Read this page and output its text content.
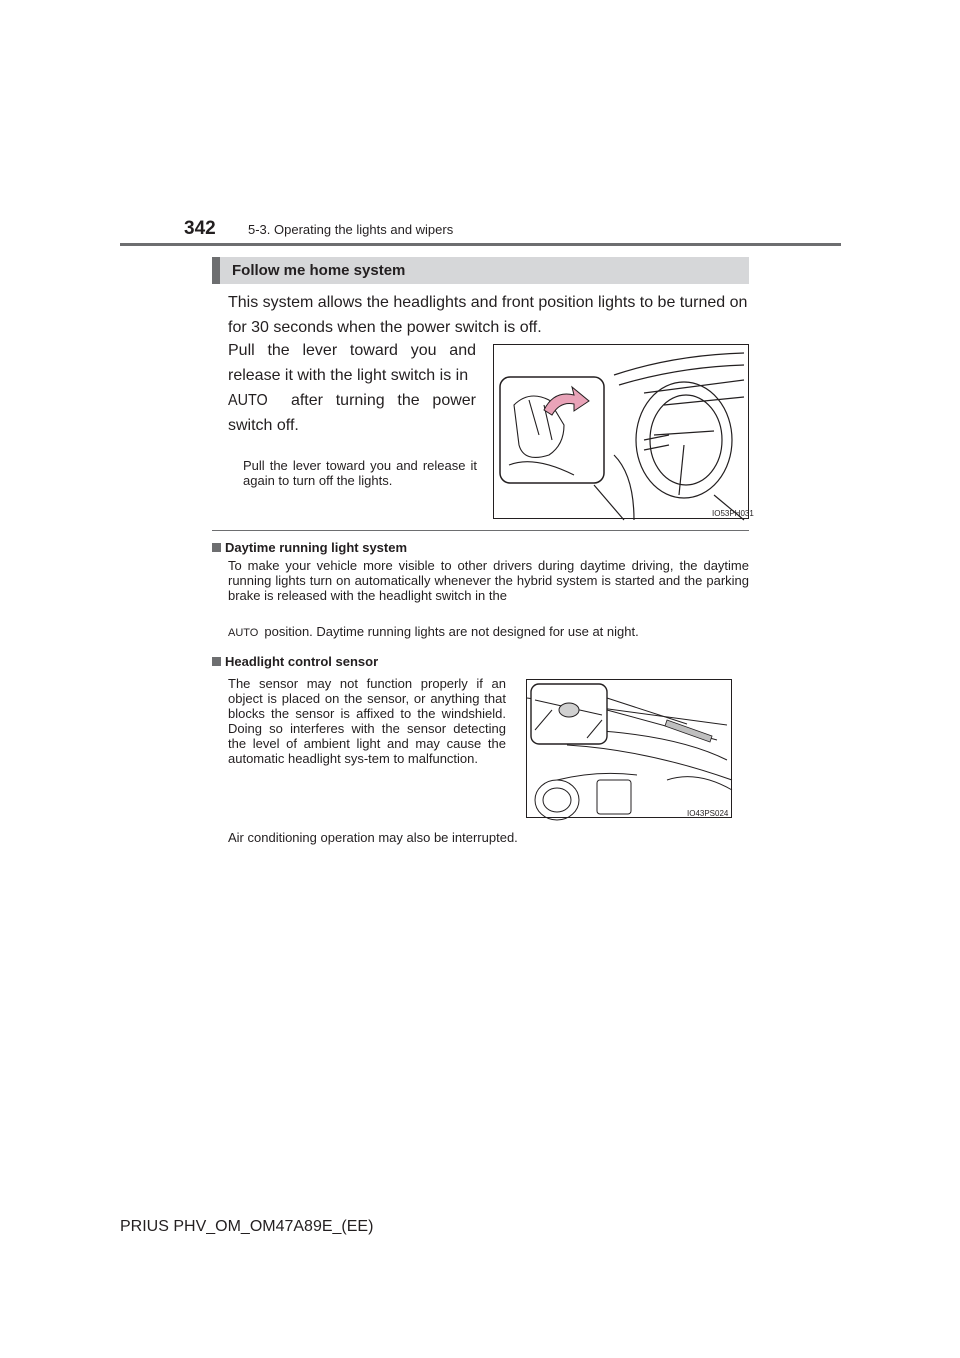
342 5-3. Operating the lights and wipers
Follow me home system
This system allows the headlights and front position lights to be turned on for 30 seconds when the power switch is off.
Pull the lever toward you and release it with the light switch is in
AUTO after turning the power switch off.
Pull the lever toward you and release it again to turn off the lights.
IO53PH031
Daytime running light system
To make your vehicle more visible to other drivers during daytime driving, the daytime running lights turn on automatically whenever the hybrid system is started and the parking brake is released with the headlight switch in the
AUTO position. Daytime running lights are not designed for use at night.
Headlight control sensor
The sensor may not function properly if an object is placed on the sensor, or anything that blocks the sensor is affixed to the windshield. Doing so interferes with the sensor detecting the level of ambient light and may cause the automatic headlight sys-tem to malfunction.
IO43PS024
Air conditioning operation may also be interrupted.
PRIUS PHV_OM_OM47A89E_(EE)
